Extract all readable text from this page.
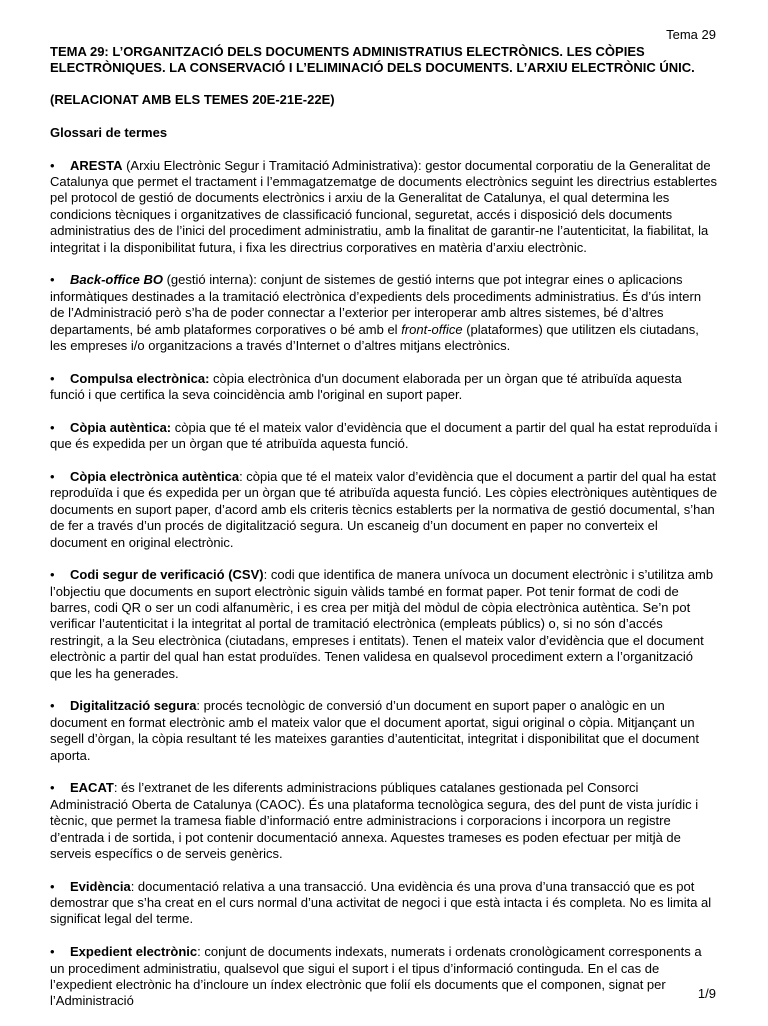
Tema 29

TEMA 29: L’ORGANITZACIÓ DELS DOCUMENTS ADMINISTRATIUS ELECTRÒNICS. LES CÒPIES ELECTRÒNIQUES. LA CONSERVACIÓ I L’ELIMINACIÓ DELS DOCUMENTS. L’ARXIU ELECTRÒNIC ÚNIC.

(RELACIONAT AMB ELS TEMES 20E-21E-22E)

Glossari de termes

• ARESTA (Arxiu Electrònic Segur i Tramitació Administrativa): gestor documental corporatiu de la Generalitat de Catalunya que permet el tractament i l’emmagatzematge de documents electrònics seguint les directrius establertes pel protocol de gestió de documents electrònics i arxiu de la Generalitat de Catalunya, el qual determina les condicions tècniques i organitzatives de classificació funcional, seguretat, accés i disposició dels documents administratius des de l’inici del procediment administratiu, amb la finalitat de garantir-ne l’autenticitat, la fiabilitat, la integritat i la disponibilitat futura, i fixa les directrius corporatives en matèria d’arxiu electrònic.

• Back-office BO (gestió interna): conjunt de sistemes de gestió interns que pot integrar eines o aplicacions informàtiques destinades a la tramitació electrònica d’expedients dels procediments administratius. És d’ús intern de l’Administració però s’ha de poder connectar a l’exterior per interoperar amb altres sistemes, bé d’altres departaments, bé amb plataformes corporatives o bé amb el front-office (plataformes) que utilitzen els ciutadans, les empreses i/o organitzacions a través d’Internet o d’altres mitjans electrònics.

• Compulsa electrònica: còpia electrònica d'un document elaborada per un òrgan que té atribuïda aquesta funció i que certifica la seva coincidència amb l'original en suport paper.

• Còpia autèntica: còpia que té el mateix valor d’evidència que el document a partir del qual ha estat reproduïda i que és expedida per un òrgan que té atribuïda aquesta funció.

• Còpia electrònica autèntica: còpia que té el mateix valor d’evidència que el document a partir del qual ha estat reproduïda i que és expedida per un òrgan que té atribuïda aquesta funció. Les còpies electròniques autèntiques de documents en suport paper, d’acord amb els criteris tècnics establerts per la normativa de gestió documental, s’han de fer a través d’un procés de digitalització segura. Un escaneig d’un document en paper no converteix el document en original electrònic.

• Codi segur de verificació (CSV): codi que identifica de manera unívoca un document electrònic i s’utilitza amb l’objectiu que documents en suport electrònic siguin vàlids també en format paper. Pot tenir format de codi de barres, codi QR o ser un codi alfanumèric, i es crea per mitjà del mòdul de còpia electrònica autèntica. Se’n pot verificar l’autenticitat i la integritat al portal de tramitació electrònica (empleats públics) o, si no són d’accés restringit, a la Seu electrònica (ciutadans, empreses i entitats). Tenen el mateix valor d’evidència que el document electrònic a partir del qual han estat produïdes. Tenen validesa en qualsevol procediment extern a l’organització que les ha generades.

• Digitalització segura: procés tecnològic de conversió d’un document en suport paper o analògic en un document en format electrònic amb el mateix valor que el document aportat, sigui original o còpia. Mitjançant un segell d’òrgan, la còpia resultant té les mateixes garanties d’autenticitat, integritat i disponibilitat que el document aporta.

• EACAT: és l’extranet de les diferents administracions públiques catalanes gestionada pel Consorci Administració Oberta de Catalunya (CAOC). És una plataforma tecnològica segura, des del punt de vista jurídic i tècnic, que permet la tramesa fiable d’informació entre administracions i corporacions i incorpora un registre d’entrada i de sortida, i pot contenir documentació annexa. Aquestes trameses es poden efectuar per mitjà de serveis específics o de serveis genèrics.

• Evidència: documentació relativa a una transacció. Una evidència és una prova d’una transacció que es pot demostrar que s’ha creat en el curs normal d’una activitat de negoci i que està intacta i és completa. No es limita al significat legal del terme.

• Expedient electrònic: conjunt de documents indexats, numerats i ordenats cronològicament corresponents a un procediment administratiu, qualsevol que sigui el suport i el tipus d’informació continguda. En el cas de l’expedient electrònic ha d’incloure un índex electrònic que folií els documents que el componen, signat per l’Administració	1/9
